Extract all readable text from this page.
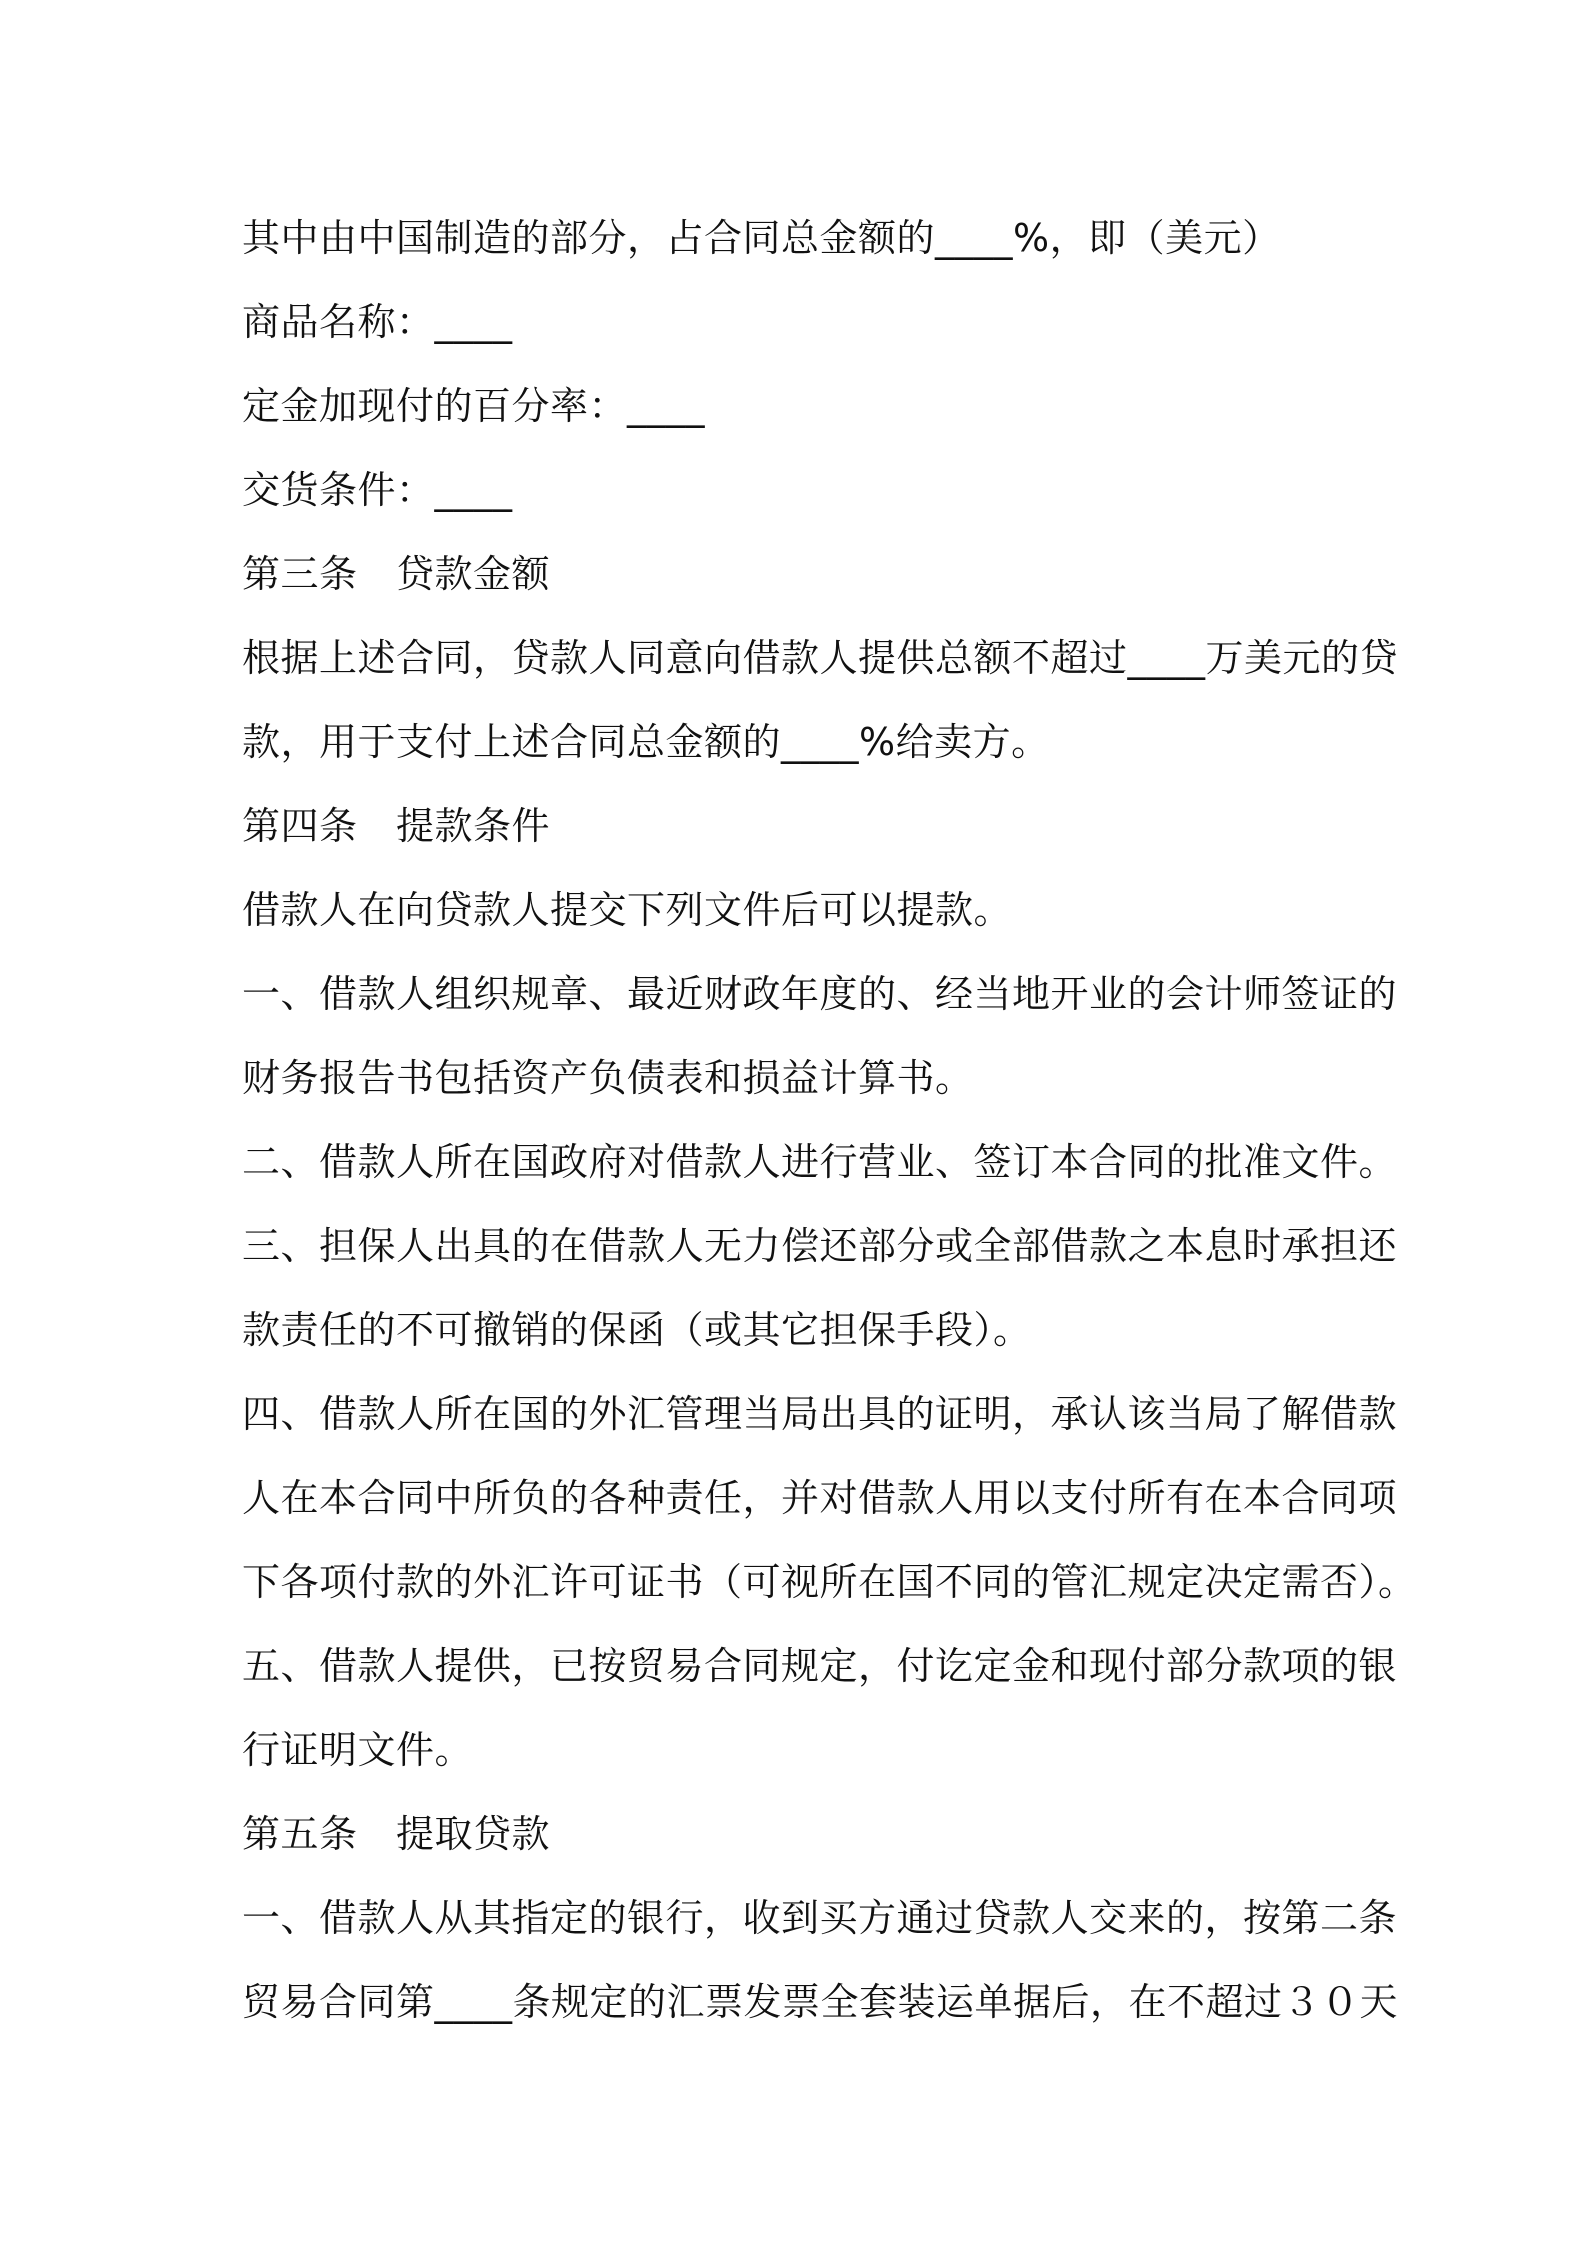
其中由中国制造的部分，占合同总金额的____%，即（美元）
商品名称：____
定金加现付的百分率：____
交货条件：____
第三条　贷款金额
根据上述合同，贷款人同意向借款人提供总额不超过____万美元的贷
款，用于支付上述合同总金额的____%给卖方。
第四条　提款条件
借款人在向贷款人提交下列文件后可以提款。
一、借款人组织规章、最近财政年度的、经当地开业的会计师签证的
财务报告书包括资产负债表和损益计算书。
二、借款人所在国政府对借款人进行营业、签订本合同的批准文件。
三、担保人出具的在借款人无力偿还部分或全部借款之本息时承担还
款责任的不可撤销的保函（或其它担保手段）。
四、借款人所在国的外汇管理当局出具的证明，承认该当局了解借款
人在本合同中所负的各种责任，并对借款人用以支付所有在本合同项
下各项付款的外汇许可证书（可视所在国不同的管汇规定决定需否）。
五、借款人提供，已按贸易合同规定，付讫定金和现付部分款项的银
行证明文件。
第五条　提取贷款
一、借款人从其指定的银行，收到买方通过贷款人交来的，按第二条
贸易合同第____条规定的汇票发票全套装运单据后，在不超过３０天
